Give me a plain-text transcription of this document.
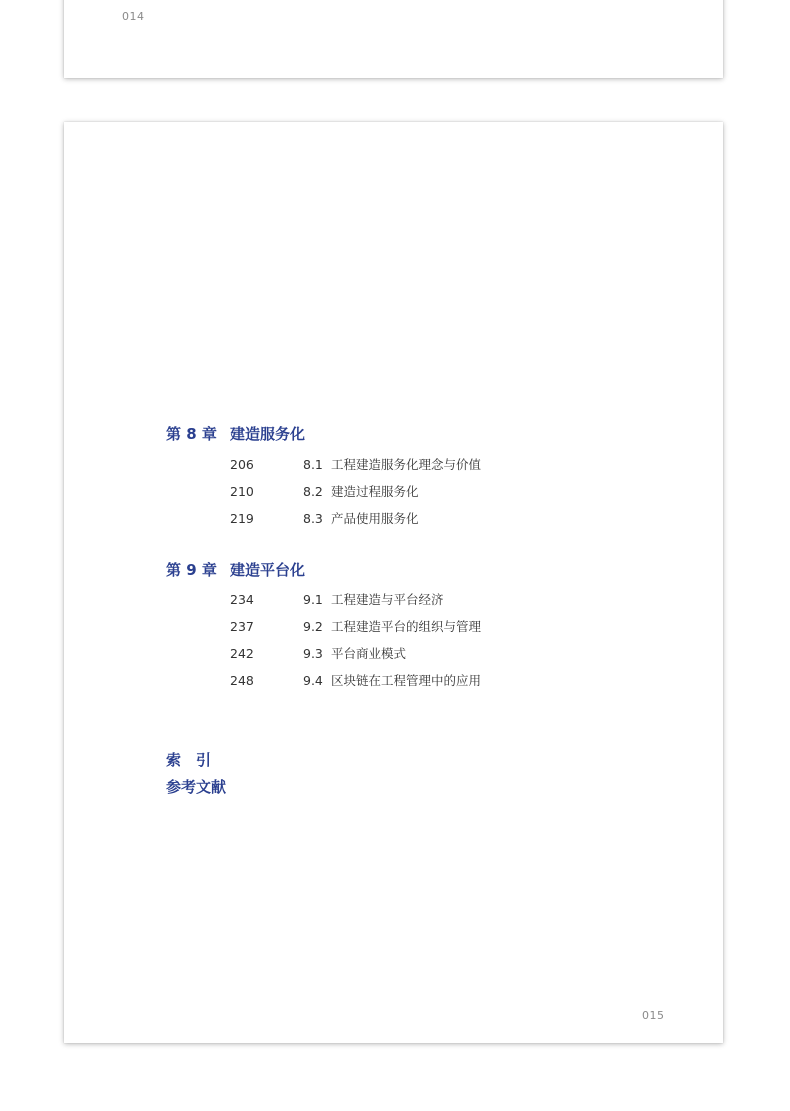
014
第 8 章 建造服务化
206	8.1 工程建造服务化理念与价值
210	8.2 建造过程服务化
219	8.3 产品使用服务化
第 9 章 建造平台化
234	9.1 工程建造与平台经济
237	9.2 工程建造平台的组织与管理
242	9.3 平台商业模式
248	9.4 区块链在工程管理中的应用
索　引
参考文献
015
